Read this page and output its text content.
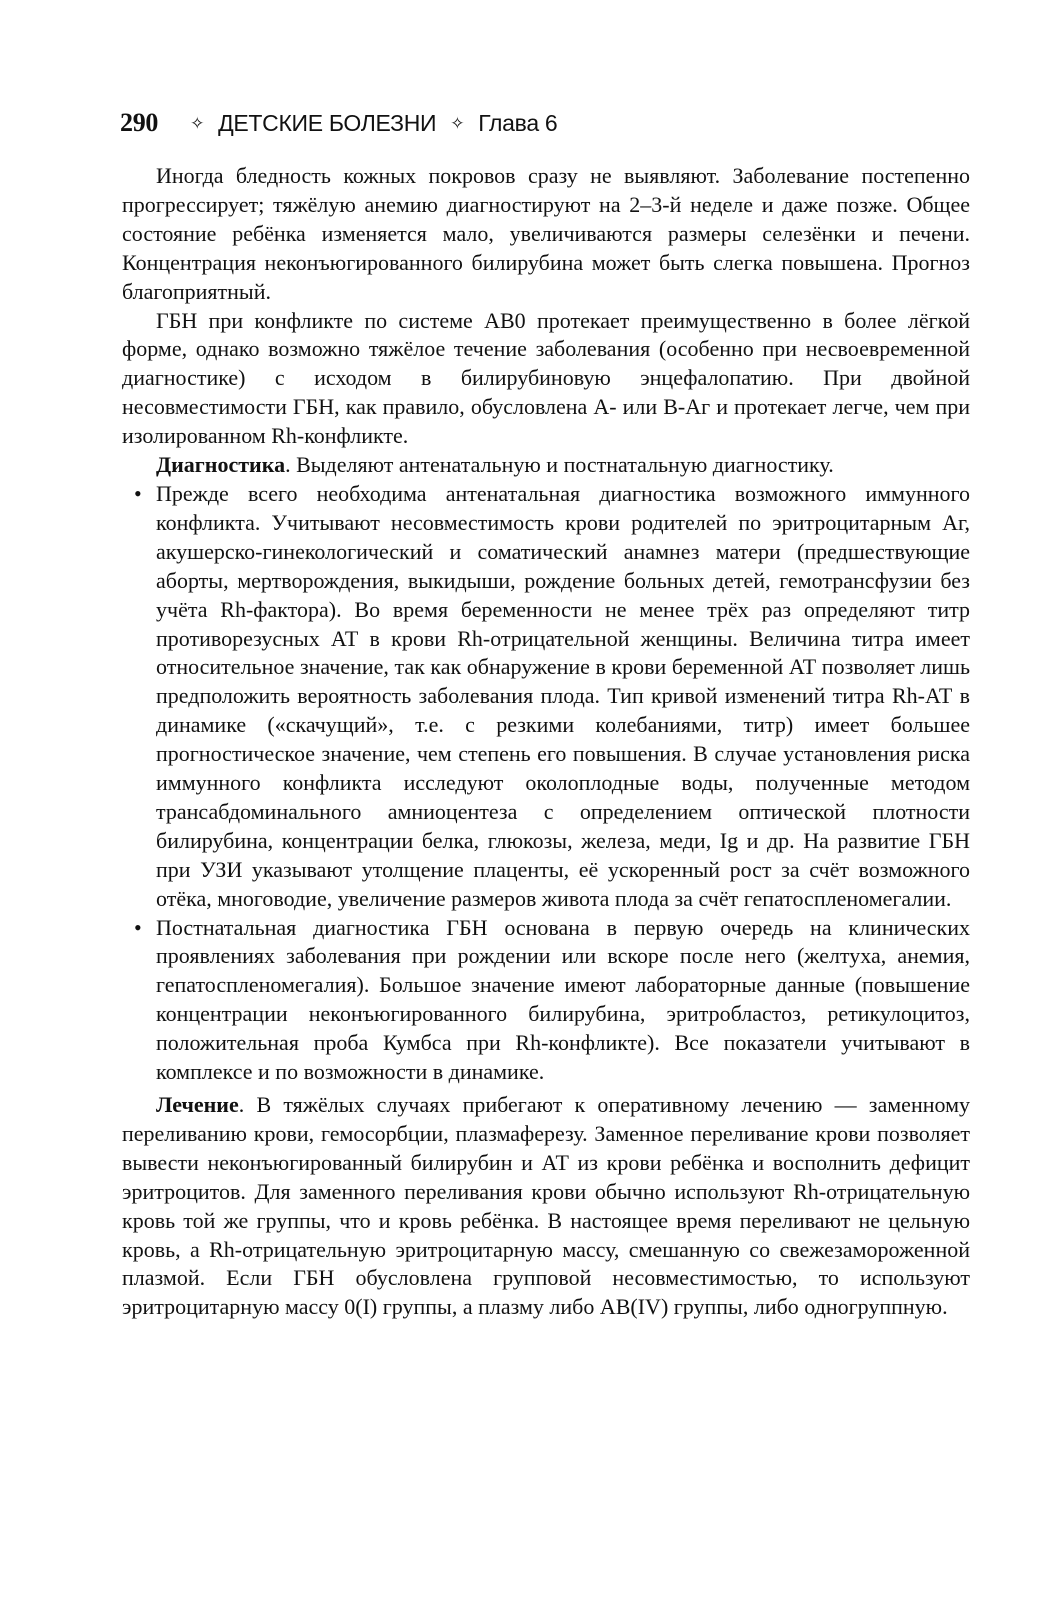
290 ✧ ДЕТСКИЕ БОЛЕЗНИ ✧ Глава 6

Иногда бледность кожных покровов сразу не выявляют. Заболевание постепенно прогрессирует; тяжёлую анемию диагностируют на 2–3-й неделе и даже позже. Общее состояние ребёнка изменяется мало, увеличиваются размеры селезёнки и печени. Концентрация неконъюгированного билирубина может быть слегка повышена. Прогноз благоприятный.

ГБН при конфликте по системе АВ0 протекает преимущественно в более лёгкой форме, однако возможно тяжёлое течение заболевания (особенно при несвоевременной диагностике) с исходом в билирубиновую энцефалопатию. При двойной несовместимости ГБН, как правило, обусловлена А- или В-Аг и протекает легче, чем при изолированном Rh-конфликте.

Диагностика. Выделяют антенатальную и постнатальную диагностику.

• Прежде всего необходима антенатальная диагностика возможного иммунного конфликта. Учитывают несовместимость крови родителей по эритроцитарным Аг, акушерско-гинекологический и соматический анамнез матери (предшествующие аборты, мертворождения, выкидыши, рождение больных детей, гемотрансфузии без учёта Rh-фактора). Во время беременности не менее трёх раз определяют титр противорезусных АТ в крови Rh-отрицательной женщины. Величина титра имеет относительное значение, так как обнаружение в крови беременной АТ позволяет лишь предположить вероятность заболевания плода. Тип кривой изменений титра Rh-АТ в динамике («скачущий», т.е. с резкими колебаниями, титр) имеет большее прогностическое значение, чем степень его повышения. В случае установления риска иммунного конфликта исследуют околоплодные воды, полученные методом трансабдоминального амниоцентеза с определением оптической плотности билирубина, концентрации белка, глюкозы, железа, меди, Ig и др. На развитие ГБН при УЗИ указывают утолщение плаценты, её ускоренный рост за счёт возможного отёка, многоводие, увеличение размеров живота плода за счёт гепатоспленомегалии.
• Постнатальная диагностика ГБН основана в первую очередь на клинических проявлениях заболевания при рождении или вскоре после него (желтуха, анемия, гепатоспленомегалия). Большое значение имеют лабораторные данные (повышение концентрации неконъюгированного билирубина, эритробластоз, ретикулоцитоз, положительная проба Кумбса при Rh-конфликте). Все показатели учитывают в комплексе и по возможности в динамике.

Лечение. В тяжёлых случаях прибегают к оперативному лечению — заменному переливанию крови, гемосорбции, плазмаферезу. Заменное переливание крови позволяет вывести неконъюгированный билирубин и АТ из крови ребёнка и восполнить дефицит эритроцитов. Для заменного переливания крови обычно используют Rh-отрицательную кровь той же группы, что и кровь ребёнка. В настоящее время переливают не цельную кровь, а Rh-отрицательную эритроцитарную массу, смешанную со свежезамороженной плазмой. Если ГБН обусловлена групповой несовместимостью, то используют эритроцитарную массу 0(I) группы, а плазму либо AB(IV) группы, либо одногруппную.
